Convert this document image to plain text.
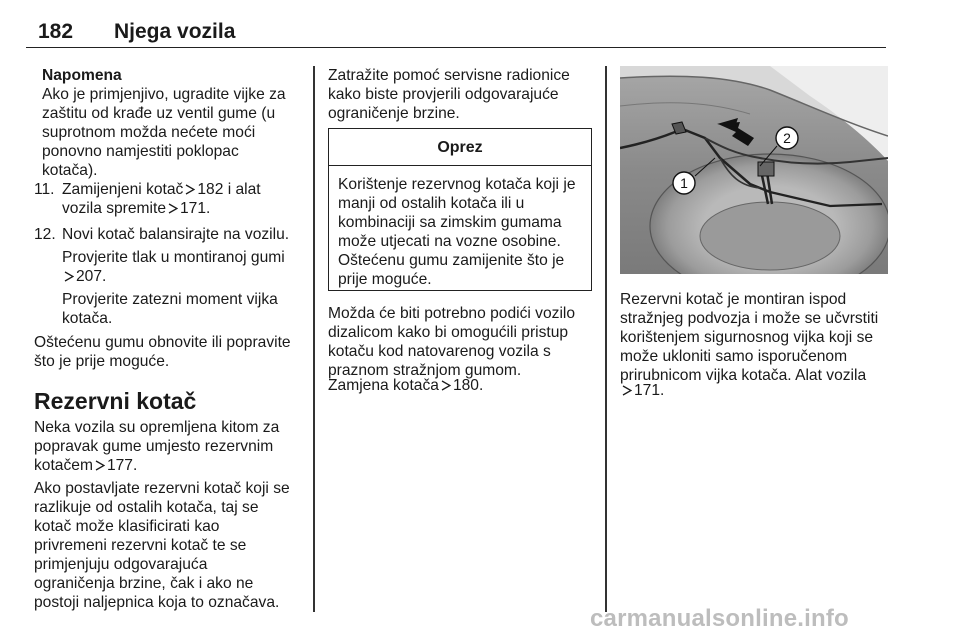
182 Njega vozila
Napomena
Ako je primjenjivo, ugradite vijke za
zaštitu od krađe uz ventil gume (u
suprotnom možda nećete moći
ponovno namjestiti poklopac
kotača).
11. Zamijenjeni kotač 182 i alat
vozila spremite 171.
12. Novi kotač balansirajte na vozilu.
Provjerite tlak u montiranoj gumi
207.
Provjerite zatezni moment vijka
kotača.
Oštećenu gumu obnovite ili popravite
što je prije moguće.
Rezervni kotač
Neka vozila su opremljena kitom za
popravak gume umjesto rezervnim
kotačem 177.
Ako postavljate rezervni kotač koji se
razlikuje od ostalih kotača, taj se
kotač može klasificirati kao
privremeni rezervni kotač te se
primjenjuju odgovarajuća
ograničenja brzine, čak i ako ne
postoji naljepnica koja to označava.
Zatražite pomoć servisne radionice
kako biste provjerili odgovarajuće
ograničenje brzine.
Oprez
Korištenje rezervnog kotača koji je
manji od ostalih kotača ili u
kombinaciji sa zimskim gumama
može utjecati na vozne osobine.
Oštećenu gumu zamijenite što je
prije moguće.
Možda će biti potrebno podići vozilo
dizalicom kako bi omogućili pristup
kotaču kod natovarenog vozila s
praznom stražnjom gumom.
Zamjena kotača 180.
1
2
Rezervni kotač je montiran ispod
stražnjeg podvozja i može se učvrstiti
korištenjem sigurnosnog vijka koji se
može ukloniti samo isporučenom
prirubnicom vijka kotača. Alat vozila
171.
carmanualsonline.info
